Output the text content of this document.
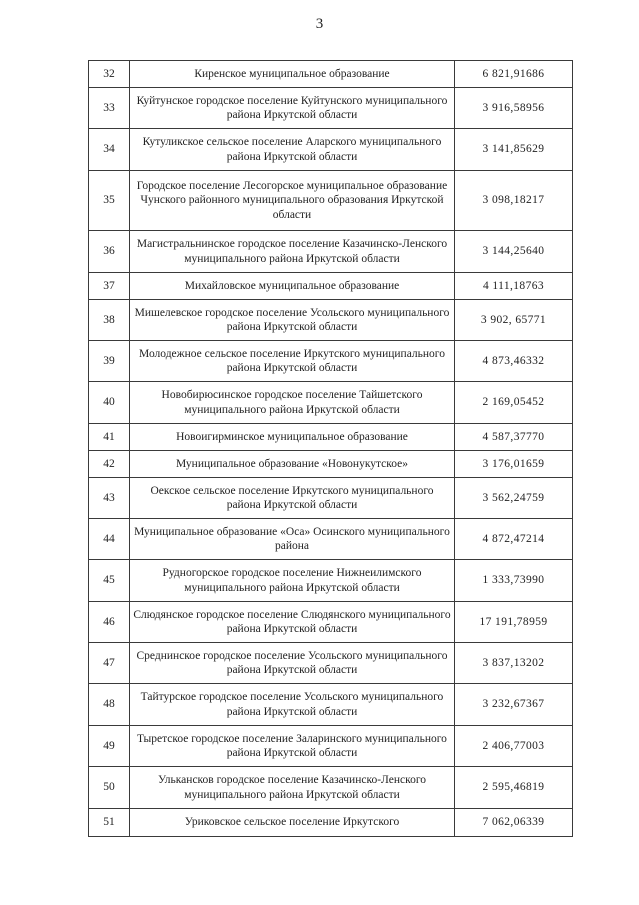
3
32	Киренское муниципальное образование	6 821,91686
33	Куйтунское городское поселение Куйтунского муниципального района Иркутской области	3 916,58956
34	Кутуликское сельское поселение Аларского муниципального района Иркутской области	3 141,85629
35	Городское поселение Лесогорское муниципальное образование Чунского районного муниципального образования Иркутской области	3 098,18217
36	Магистральнинское городское поселение Казачинско-Ленского муниципального района Иркутской области	3 144,25640
37	Михайловское муниципальное образование	4 111,18763
38	Мишелевское городское поселение Усольского муниципального района Иркутской области	3 902, 65771
39	Молодежное сельское поселение Иркутского муниципального района Иркутской области	4 873,46332
40	Новобирюсинское городское поселение Тайшетского муниципального района Иркутской области	2 169,05452
41	Новоигирминское муниципальное образование	4 587,37770
42	Муниципальное образование «Новонукутское»	3 176,01659
43	Оекское сельское поселение Иркутского муниципального района Иркутской области	3 562,24759
44	Муниципальное образование «Оса» Осинского муниципального района	4 872,47214
45	Рудногорское городское поселение Нижнеилимского муниципального района Иркутской области	1 333,73990
46	Слюдянское городское поселение Слюдянского муниципального района Иркутской области	17 191,78959
47	Среднинское городское поселение Усольского муниципального района Иркутской области	3 837,13202
48	Тайтурское городское поселение Усольского муниципального района Иркутской области	3 232,67367
49	Тыретское городское поселение Заларинского муниципального района Иркутской области	2 406,77003
50	Улькансков городское поселение Казачинско-Ленского муниципального района Иркутской области	2 595,46819
51	Уриковское сельское поселение Иркутского	7 062,06339
